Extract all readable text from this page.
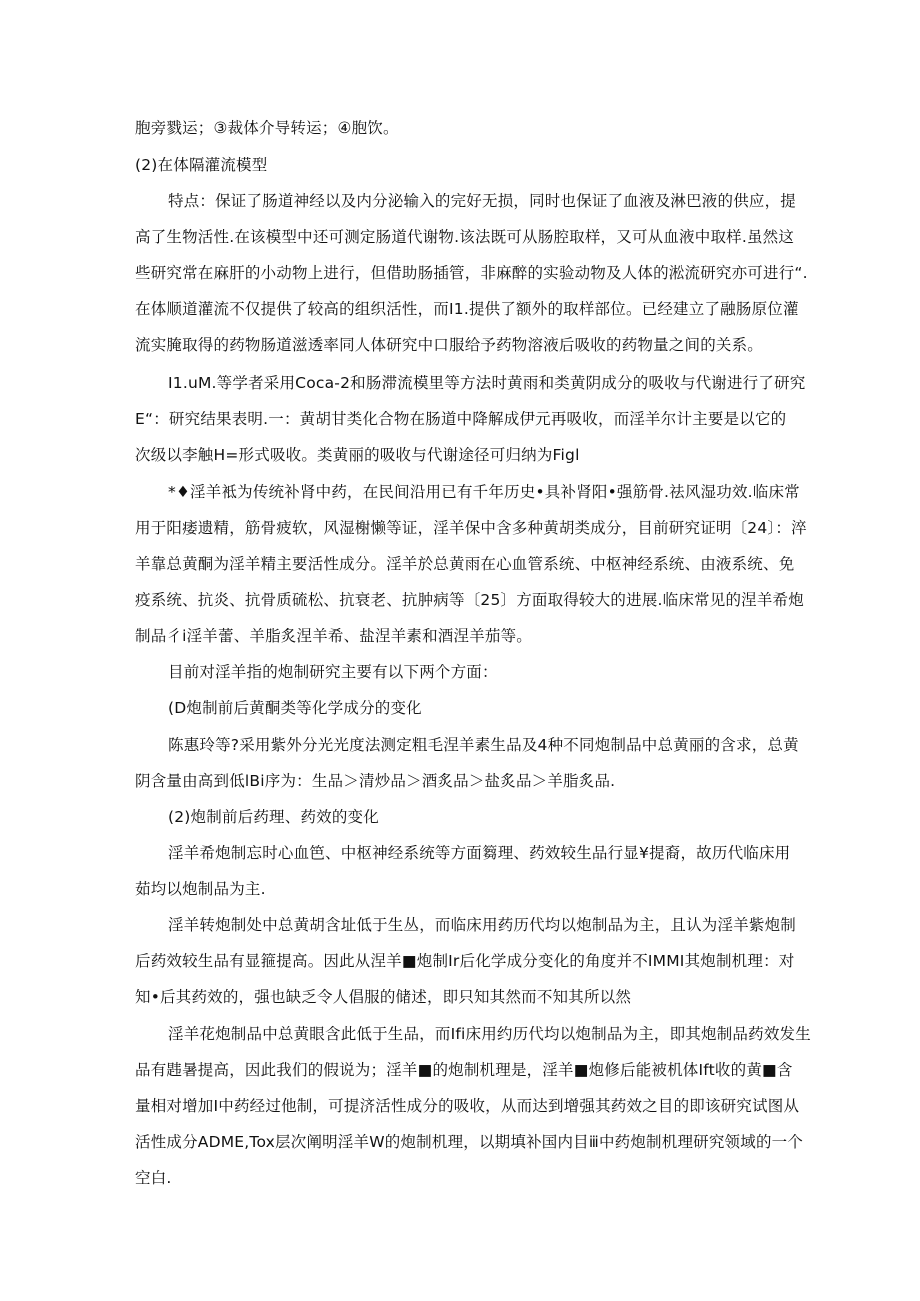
胞旁戮运；③裁体介导转运；④胞饮。
(2)在体隔灌流模型
特点：保证了肠道神经以及内分泌输入的完好无损，同时也保证了血液及淋巴液的供应，提
高了生物活性.在该模型中还可测定肠道代谢物.该法既可从肠腔取样，又可从血液中取样.虽然这
些研究常在麻肝的小动物上进行，但借助肠插管，非麻醉的实验动物及人体的淞流研究亦可进行“.
在体顺道灌流不仅提供了较高的组织活性，而I1.提供了额外的取样部位。已经建立了融肠原位灌
流实腌取得的药物肠道滋透率同人体研究中口服给予药物溶液后吸收的药物量之间的关系。
I1.uM.等学者采用Coca-2和肠滞流模里等方法时黄雨和类黄阴成分的吸收与代谢进行了研究
E“：研究结果表明.一：黄胡甘类化合物在肠道中降解成伊元再吸收，而淫羊尔计主要是以它的
次级以李触H=形式吸收。类黄丽的吸收与代谢途径可归纳为Figl
*♦淫羊袛为传统补肾中药，在民间沿用已有千年历史•具补肾阳•强筋骨.祛风湿功效.临床常
用于阳痿遗精，筋骨疲软，风湿榭懒等证，淫羊保中含多种黄胡类成分，目前研究证明〔24〕：淬
羊靠总黄酮为淫羊精主要活性成分。淫羊於总黄雨在心血管系统、中枢神经系统、由液系统、免
疫系统、抗炎、抗骨质硫松、抗衰老、抗肿病等〔25〕方面取得较大的进展.临床常见的涅羊希炮
制品彳i淫羊蕾、羊脂炙涅羊希、盐涅羊素和酒涅羊茄等。
目前对淫羊指的炮制研究主要有以下两个方面：
(D炮制前后黄酮类等化学成分的变化
陈惠玲等?采用紫外分光光度法测定粗毛涅羊素生品及4种不同炮制品中总黄丽的含求，总黄
阴含量由高到低lBi序为：生品＞清炒品＞酒炙品＞盐炙品＞羊脂炙品.
(2)炮制前后药理、药效的变化
淫羊希炮制忘时心血笆、中枢神经系统等方面篘理、药效较生品行显¥提裔，故历代临床用
茹均以炮制品为主.
淫羊转炮制处中总黄胡含址低于生丛，而临床用药历代均以炮制品为主，且认为淫羊紫炮制
后药效较生品有显箍提高。因此从涅羊■炮制Ir后化学成分变化的角度并不IMMI其炮制机理：对
知•后其药效的，强也缺乏令人倡服的储述，即只知其然而不知其所以然
淫羊花炮制品中总黄眼含此低于生品，而Ifi床用约历代均以炮制品为主，即其炮制品药效发生
品有韪暑提高，因此我们的假说为；淫羊■的炮制机理是，淫羊■炮修后能被机体Ift收的黄■含
量相对增加I中药经过他制，可提济活性成分的吸收，从而达到增强其药效之目的即该研究试图从
活性成分ADME,Tox层次阐明淫羊W的炮制机理，以期填补国内目ⅲ中药炮制机理研究领域的一个
空白.
